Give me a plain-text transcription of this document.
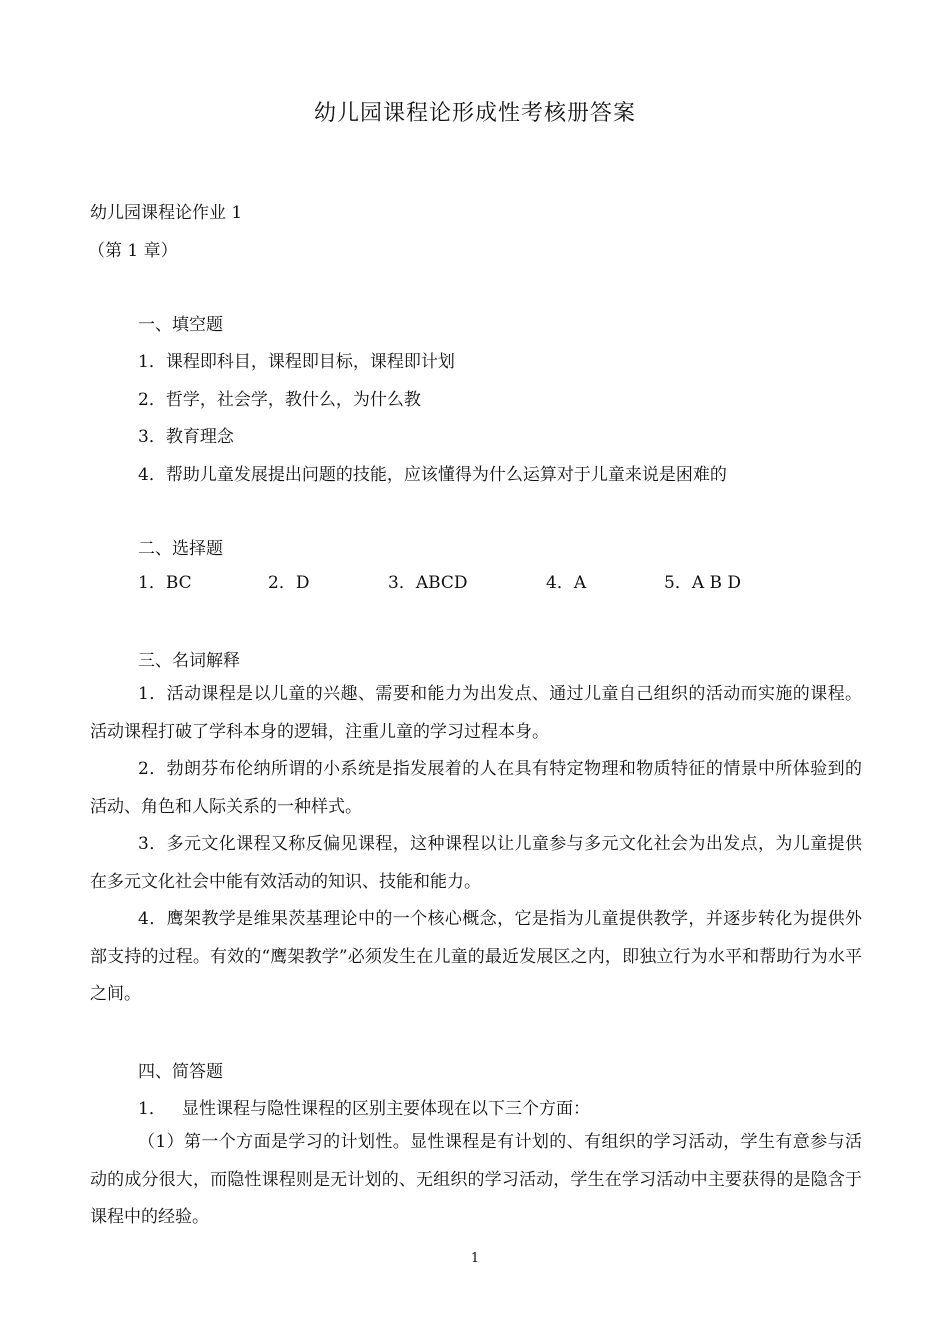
幼儿园课程论形成性考核册答案
幼儿园课程论作业 1
（第 1 章）
一、填空题
1．课程即科目，课程即目标，课程即计划
2．哲学，社会学，教什么，为什么教
3．教育理念
4．帮助儿童发展提出问题的技能，应该懂得为什么运算对于儿童来说是困难的
二、选择题
1．BC	2．D	3．ABCD	4．A	5．A B D
三、名词解释

1．活动课程是以儿童的兴趣、需要和能力为出发点、通过儿童自己组织的活动而实施的课程。活动课程打破了学科本身的逻辑，注重儿童的学习过程本身。

2．勃朗芬布伦纳所谓的小系统是指发展着的人在具有特定物理和物质特征的情景中所体验到的活动、角色和人际关系的一种样式。

3．多元文化课程又称反偏见课程，这种课程以让儿童参与多元文化社会为出发点，为儿童提供在多元文化社会中能有效活动的知识、技能和能力。

4．鹰架教学是维果茨基理论中的一个核心概念，它是指为儿童提供教学，并逐步转化为提供外部支持的过程。有效的“鹰架教学”必须发生在儿童的最近发展区之内，即独立行为水平和帮助行为水平之间。

四、简答题
1．   显性课程与隐性课程的区别主要体现在以下三个方面：

（1）第一个方面是学习的计划性。显性课程是有计划的、有组织的学习活动，学生有意参与活动的成分很大，而隐性课程则是无计划的、无组织的学习活动，学生在学习活动中主要获得的是隐含于课程中的经验。

1
